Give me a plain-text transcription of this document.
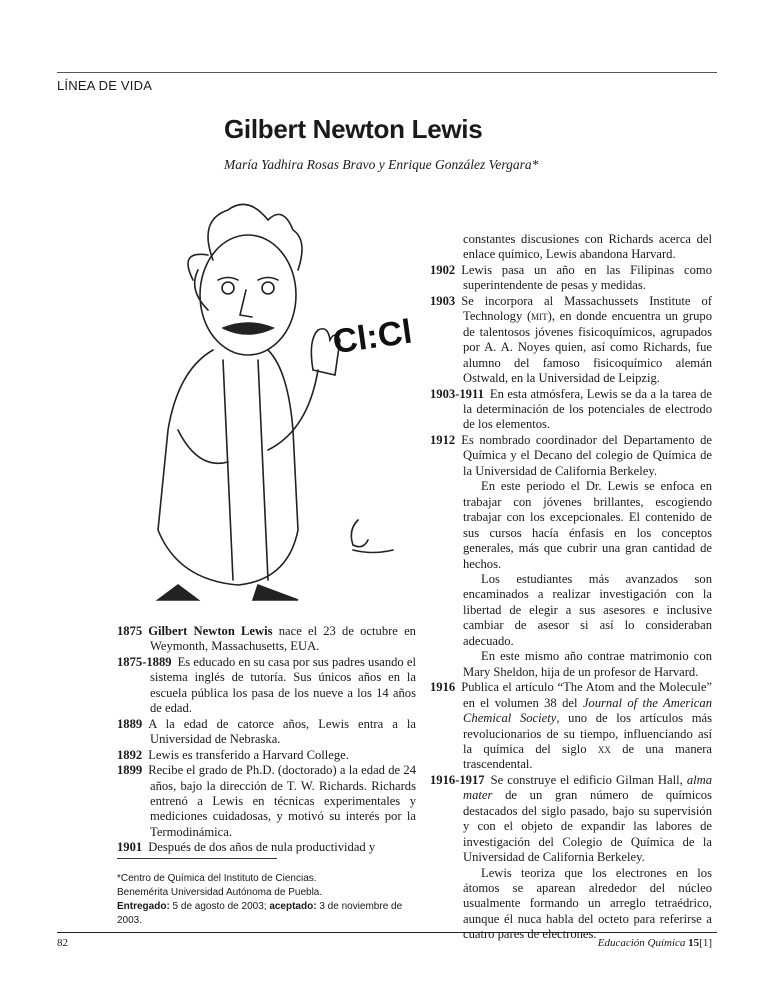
LÍNEA DE VIDA
Gilbert Newton Lewis
María Yadhira Rosas Bravo y Enrique González Vergara*
Cl:Cl
1875 Gilbert Newton Lewis nace el 23 de octubre en Weymonth, Massachusetts, EUA.
1875-1889 Es educado en su casa por sus padres usando el sistema inglés de tutoría. Sus únicos años en la escuela pública los pasa de los nueve a los 14 años de edad.
1889 A la edad de catorce años, Lewis entra a la Universidad de Nebraska.
1892 Lewis es transferido a Harvard College.
1899 Recibe el grado de Ph.D. (doctorado) a la edad de 24 años, bajo la dirección de T. W. Richards. Richards entrenó a Lewis en técnicas experimentales y mediciones cuidadosas, y motivó su interés por la Termodinámica.
1901 Después de dos años de nula productividad y
constantes discusiones con Richards acerca del enlace químico, Lewis abandona Harvard.
1902 Lewis pasa un año en las Filipinas como superintendente de pesas y medidas.
1903 Se incorpora al Massachussets Institute of Technology (mit), en donde encuentra un grupo de talentosos jóvenes fisicoquímicos, agrupados por A. A. Noyes quien, así como Richards, fue alumno del famoso fisicoquímico alemán Ostwald, en la Universidad de Leipzig.
1903-1911 En esta atmósfera, Lewis se da a la tarea de la determinación de los potenciales de electrodo de los elementos.
1912 Es nombrado coordinador del Departamento de Química y el Decano del colegio de Química de la Universidad de California Berkeley.
En este periodo el Dr. Lewis se enfoca en trabajar con jóvenes brillantes, escogiendo trabajar con los excepcionales. El contenido de sus cursos hacía énfasis en los conceptos generales, más que cubrir una gran cantidad de hechos.
Los estudiantes más avanzados son encaminados a realizar investigación con la libertad de elegir a sus asesores e inclusive cambiar de asesor si así lo consideraban adecuado.
En este mismo año contrae matrimonio con Mary Sheldon, hija de un profesor de Harvard.
1916 Publica el artículo “The Atom and the Molecule” en el volumen 38 del Journal of the American Chemical Society, uno de los artículos más revolucionarios de su tiempo, influenciando así la química del siglo xx de una manera trascendental.
1916-1917 Se construye el edificio Gilman Hall, alma mater de un gran número de químicos destacados del siglo pasado, bajo su supervisión y con el objeto de expandir las labores de investigación del Colegio de Química de la Universidad de California Berkeley.
Lewis teoriza que los electrones en los átomos se aparean alrededor del núcleo usualmente formando un arreglo tetraédrico, aunque él nuca habla del octeto para referirse a cuatro pares de electrones.
*Centro de Química del Instituto de Ciencias.
Benemérita Universidad Autónoma de Puebla.
Entregado: 5 de agosto de 2003; aceptado: 3 de noviembre de 2003.
82	Educación Química 15[1]
